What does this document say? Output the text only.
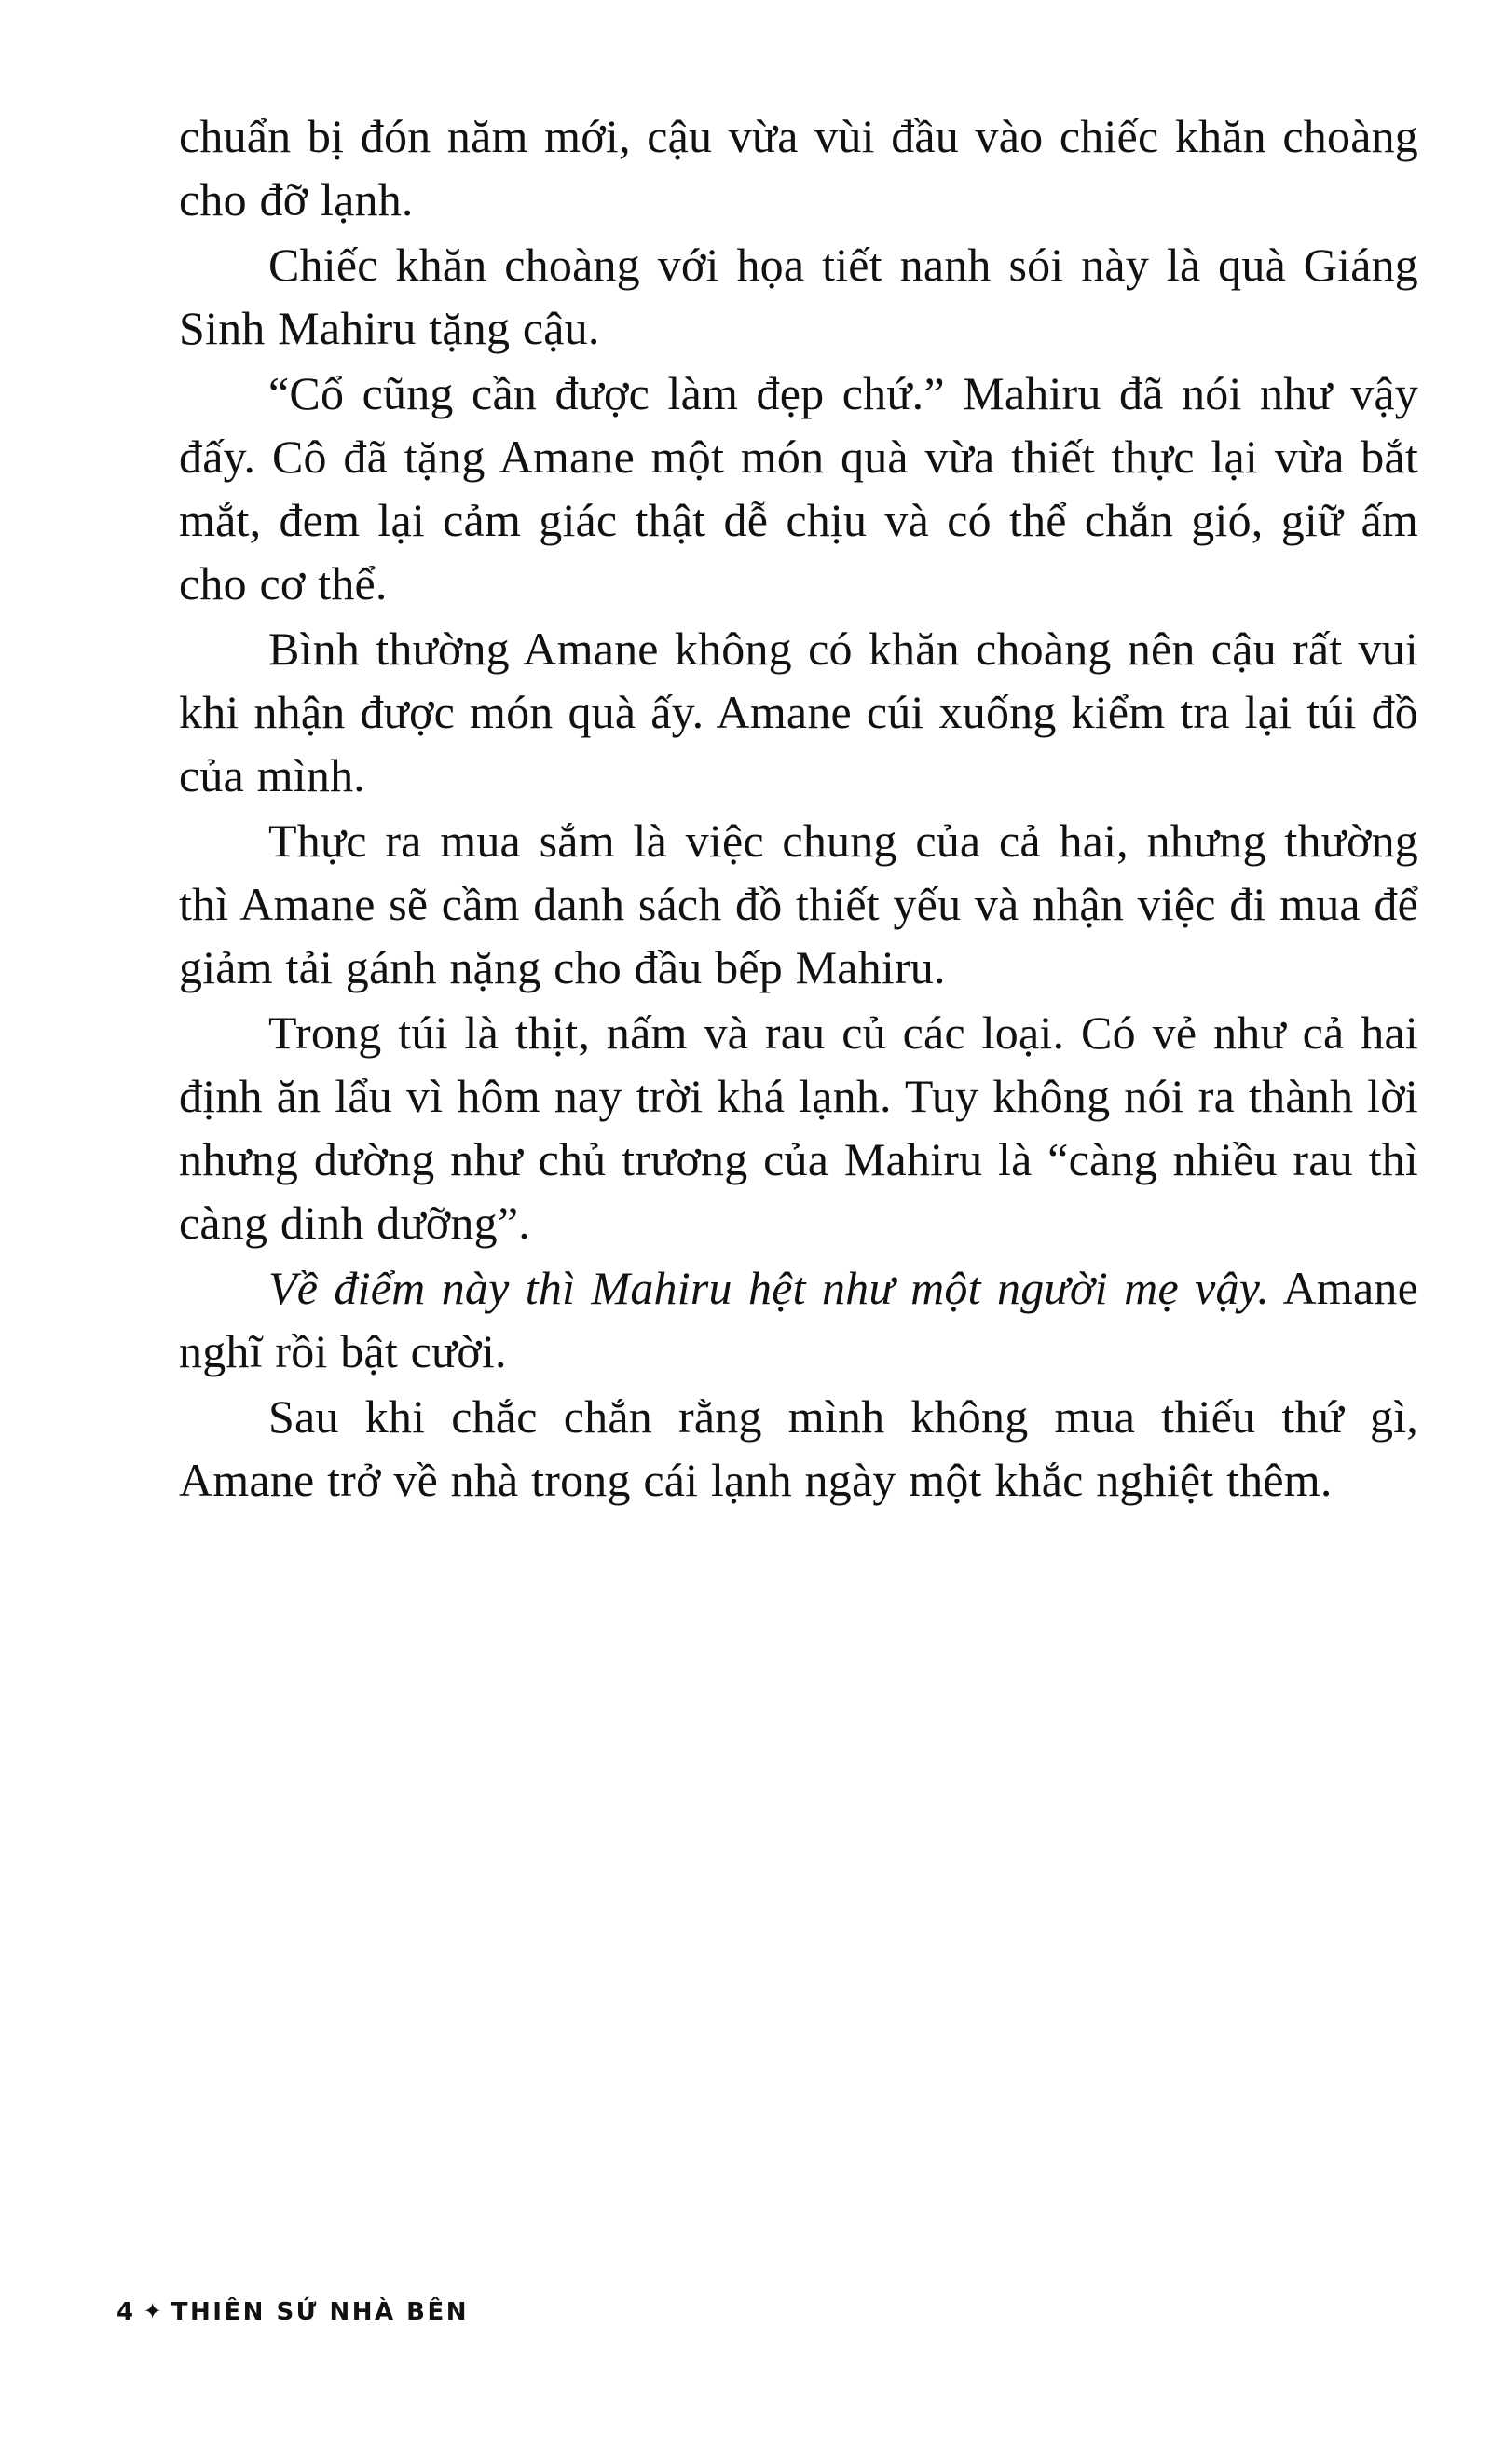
chuẩn bị đón năm mới, cậu vừa vùi đầu vào chiếc khăn choàng cho đỡ lạnh.

Chiếc khăn choàng với họa tiết nanh sói này là quà Giáng Sinh Mahiru tặng cậu.

“Cổ cũng cần được làm đẹp chứ.” Mahiru đã nói như vậy đấy. Cô đã tặng Amane một món quà vừa thiết thực lại vừa bắt mắt, đem lại cảm giác thật dễ chịu và có thể chắn gió, giữ ấm cho cơ thể.

Bình thường Amane không có khăn choàng nên cậu rất vui khi nhận được món quà ấy. Amane cúi xuống kiểm tra lại túi đồ của mình.

Thực ra mua sắm là việc chung của cả hai, nhưng thường thì Amane sẽ cầm danh sách đồ thiết yếu và nhận việc đi mua để giảm tải gánh nặng cho đầu bếp Mahiru.

Trong túi là thịt, nấm và rau củ các loại. Có vẻ như cả hai định ăn lẩu vì hôm nay trời khá lạnh. Tuy không nói ra thành lời nhưng dường như chủ trương của Mahiru là “càng nhiều rau thì càng dinh dưỡng”.

Về điểm này thì Mahiru hệt như một người mẹ vậy. Amane nghĩ rồi bật cười.

Sau khi chắc chắn rằng mình không mua thiếu thứ gì, Amane trở về nhà trong cái lạnh ngày một khắc nghiệt thêm.

4 ✦ THIÊN SỨ NHÀ BÊN
